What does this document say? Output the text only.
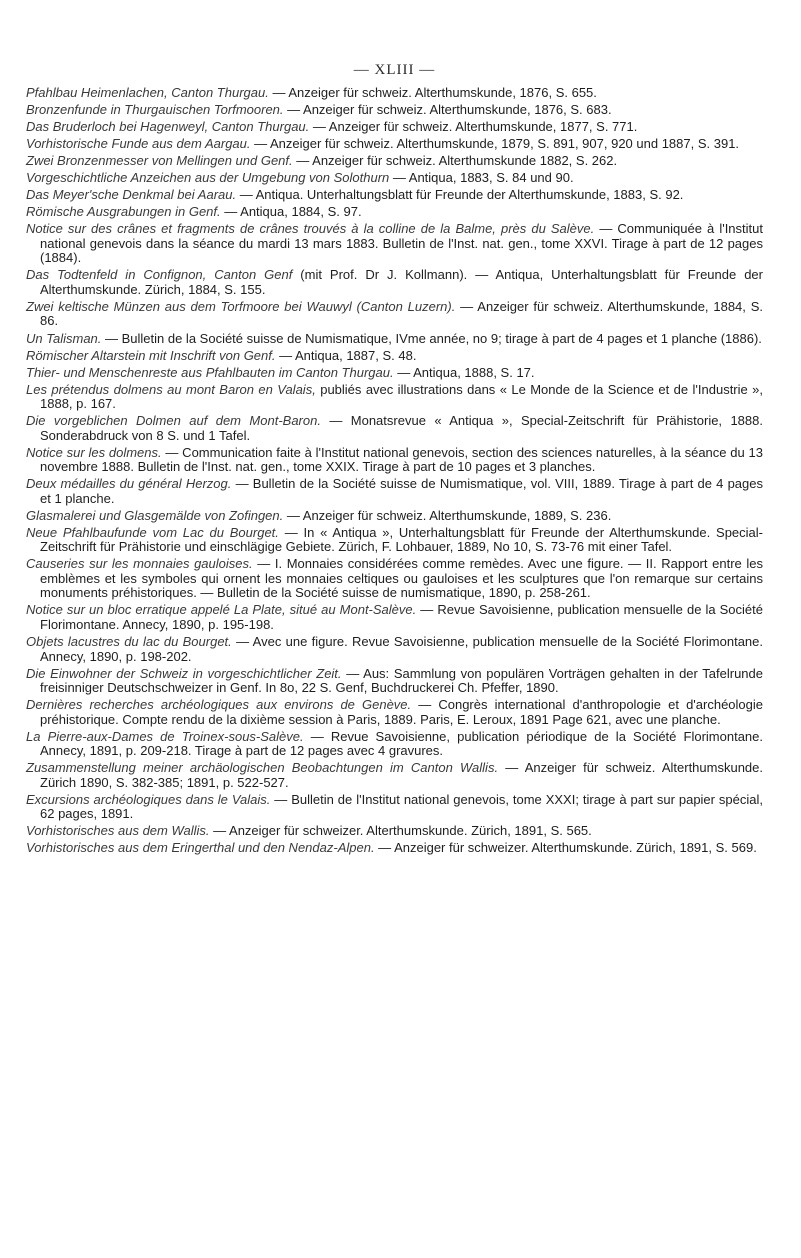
— XLIII —

Pfahlbau Heimenlachen, Canton Thurgau. — Anzeiger für schweiz. Alterthumskunde, 1876, S. 655.

Bronzenfunde in Thurgauischen Torfmooren. — Anzeiger für schweiz. Alterthumskunde, 1876, S. 683.

Das Bruderloch bei Hagenweyl, Canton Thurgau. — Anzeiger für schweiz. Alterthumskunde, 1877, S. 771.

Vorhistorische Funde aus dem Aargau. — Anzeiger für schweiz. Alterthumskunde, 1879, S. 891, 907, 920 und 1887, S. 391.

Zwei Bronzenmesser von Mellingen und Genf. — Anzeiger für schweiz. Alterthumskunde 1882, S. 262.

Vorgeschichtliche Anzeichen aus der Umgebung von Solothurn — Antiqua, 1883, S. 84 und 90.

Das Meyer'sche Denkmal bei Aarau. — Antiqua. Unterhaltungsblatt für Freunde der Alterthumskunde, 1883, S. 92.

Römische Ausgrabungen in Genf. — Antiqua, 1884, S. 97.

Notice sur des crânes et fragments de crânes trouvés à la colline de la Balme, près du Salève. — Communiquée à l'Institut national genevois dans la séance du mardi 13 mars 1883. Bulletin de l'Inst. nat. gen., tome XXVI. Tirage à part de 12 pages (1884).

Das Todtenfeld in Confignon, Canton Genf (mit Prof. Dr J. Kollmann). — Antiqua, Unterhaltungsblatt für Freunde der Alterthumskunde. Zürich, 1884, S. 155.

Zwei keltische Münzen aus dem Torfmoore bei Wauwyl (Canton Luzern). — Anzeiger für schweiz. Alterthumskunde, 1884, S. 86.

Un Talisman. — Bulletin de la Société suisse de Numismatique, IVme année, no 9; tirage à part de 4 pages et 1 planche (1886).

Römischer Altarstein mit Inschrift von Genf. — Antiqua, 1887, S. 48.

Thier- und Menschenreste aus Pfahlbauten im Canton Thurgau. — Antiqua, 1888, S. 17.

Les prétendus dolmens au mont Baron en Valais, publiés avec illustrations dans « Le Monde de la Science et de l'Industrie », 1888, p. 167.

Die vorgeblichen Dolmen auf dem Mont-Baron. — Monatsrevue « Antiqua », Special-Zeitschrift für Prähistorie, 1888. Sonderabdruck von 8 S. und 1 Tafel.

Notice sur les dolmens. — Communication faite à l'Institut national genevois, section des sciences naturelles, à la séance du 13 novembre 1888. Bulletin de l'Inst. nat. gen., tome XXIX. Tirage à part de 10 pages et 3 planches.

Deux médailles du général Herzog. — Bulletin de la Société suisse de Numismatique, vol. VIII, 1889. Tirage à part de 4 pages et 1 planche.

Glasmalerei und Glasgemälde von Zofingen. — Anzeiger für schweiz. Alterthumskunde, 1889, S. 236.

Neue Pfahlbaufunde vom Lac du Bourget. — In « Antiqua », Unterhaltungsblatt für Freunde der Alterthumskunde. Special-Zeitschrift für Prähistorie und einschlägige Gebiete. Zürich, F. Lohbauer, 1889, No 10, S. 73-76 mit einer Tafel.

Causeries sur les monnaies gauloises. — I. Monnaies considérées comme remèdes. Avec une figure. — II. Rapport entre les emblèmes et les symboles qui ornent les monnaies celtiques ou gauloises et les sculptures que l'on remarque sur certains monuments préhistoriques. — Bulletin de la Société suisse de numismatique, 1890, p. 258-261.

Notice sur un bloc erratique appelé La Plate, situé au Mont-Salève. — Revue Savoisienne, publication mensuelle de la Société Florimontane. Annecy, 1890, p. 195-198.

Objets lacustres du lac du Bourget. — Avec une figure. Revue Savoisienne, publication mensuelle de la Société Florimontane. Annecy, 1890, p. 198-202.

Die Einwohner der Schweiz in vorgeschichtlicher Zeit. — Aus: Sammlung von populären Vorträgen gehalten in der Tafelrunde freisinniger Deutschschweizer in Genf. In 8o, 22 S. Genf, Buchdruckerei Ch. Pfeffer, 1890.

Dernières recherches archéologiques aux environs de Genève. — Congrès international d'anthropologie et d'archéologie préhistorique. Compte rendu de la dixième session à Paris, 1889. Paris, E. Leroux, 1891 Page 621, avec une planche.

La Pierre-aux-Dames de Troinex-sous-Salève. — Revue Savoisienne, publication périodique de la Société Florimontane. Annecy, 1891, p. 209-218. Tirage à part de 12 pages avec 4 gravures.

Zusammenstellung meiner archäologischen Beobachtungen im Canton Wallis. — Anzeiger für schweiz. Alterthumskunde. Zürich 1890, S. 382-385; 1891, p. 522-527.

Excursions archéologiques dans le Valais. — Bulletin de l'Institut national genevois, tome XXXI; tirage à part sur papier spécial, 62 pages, 1891.

Vorhistorisches aus dem Wallis. — Anzeiger für schweizer. Alterthumskunde. Zürich, 1891, S. 565.

Vorhistorisches aus dem Eringerthal und den Nendaz-Alpen. — Anzeiger für schweizer. Alterthumskunde. Zürich, 1891, S. 569.
